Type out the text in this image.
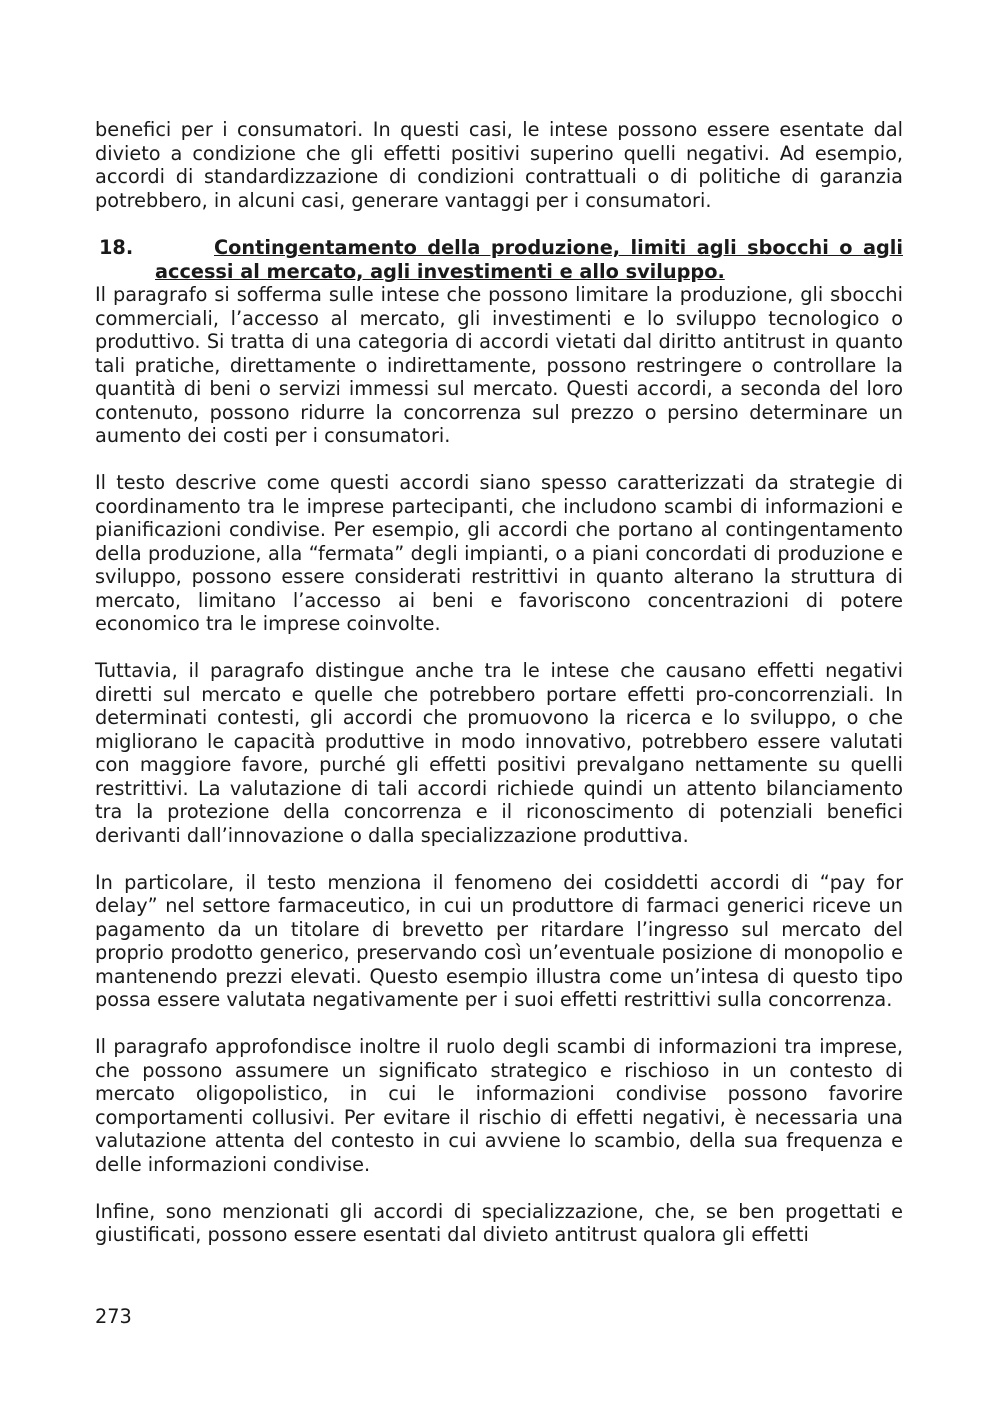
benefici per i consumatori. In questi casi, le intese possono essere esentate dal divieto a condizione che gli effetti positivi superino quelli negativi. Ad esempio, accordi di standardizzazione di condizioni contrattuali o di politiche di garanzia potrebbero, in alcuni casi, generare vantaggi per i consumatori.

18.	Contingentamento della produzione, limiti agli sbocchi o agli accessi al mercato, agli investimenti e allo sviluppo.

Il paragrafo si sofferma sulle intese che possono limitare la produzione, gli sbocchi commerciali, l’accesso al mercato, gli investimenti e lo sviluppo tecnologico o produttivo. Si tratta di una categoria di accordi vietati dal diritto antitrust in quanto tali pratiche, direttamente o indirettamente, possono restringere o controllare la quantità di beni o servizi immessi sul mercato. Questi accordi, a seconda del loro contenuto, possono ridurre la concorrenza sul prezzo o persino determinare un aumento dei costi per i consumatori.

Il testo descrive come questi accordi siano spesso caratterizzati da strategie di coordinamento tra le imprese partecipanti, che includono scambi di informazioni e pianificazioni condivise. Per esempio, gli accordi che portano al contingentamento della produzione, alla “fermata” degli impianti, o a piani concordati di produzione e sviluppo, possono essere considerati restrittivi in quanto alterano la struttura di mercato, limitano l’accesso ai beni e favoriscono concentrazioni di potere economico tra le imprese coinvolte.

Tuttavia, il paragrafo distingue anche tra le intese che causano effetti negativi diretti sul mercato e quelle che potrebbero portare effetti pro-concorrenziali. In determinati contesti, gli accordi che promuovono la ricerca e lo sviluppo, o che migliorano le capacità produttive in modo innovativo, potrebbero essere valutati con maggiore favore, purché gli effetti positivi prevalgano nettamente su quelli restrittivi. La valutazione di tali accordi richiede quindi un attento bilanciamento tra la protezione della concorrenza e il riconoscimento di potenziali benefici derivanti dall’innovazione o dalla specializzazione produttiva.

In particolare, il testo menziona il fenomeno dei cosiddetti accordi di “pay for delay” nel settore farmaceutico, in cui un produttore di farmaci generici riceve un pagamento da un titolare di brevetto per ritardare l’ingresso sul mercato del proprio prodotto generico, preservando così un’eventuale posizione di monopolio e mantenendo prezzi elevati. Questo esempio illustra come un’intesa di questo tipo possa essere valutata negativamente per i suoi effetti restrittivi sulla concorrenza.

Il paragrafo approfondisce inoltre il ruolo degli scambi di informazioni tra imprese, che possono assumere un significato strategico e rischioso in un contesto di mercato oligopolistico, in cui le informazioni condivise possono favorire comportamenti collusivi. Per evitare il rischio di effetti negativi, è necessaria una valutazione attenta del contesto in cui avviene lo scambio, della sua frequenza e delle informazioni condivise.

Infine, sono menzionati gli accordi di specializzazione, che, se ben progettati e giustificati, possono essere esentati dal divieto antitrust qualora gli effetti

273
